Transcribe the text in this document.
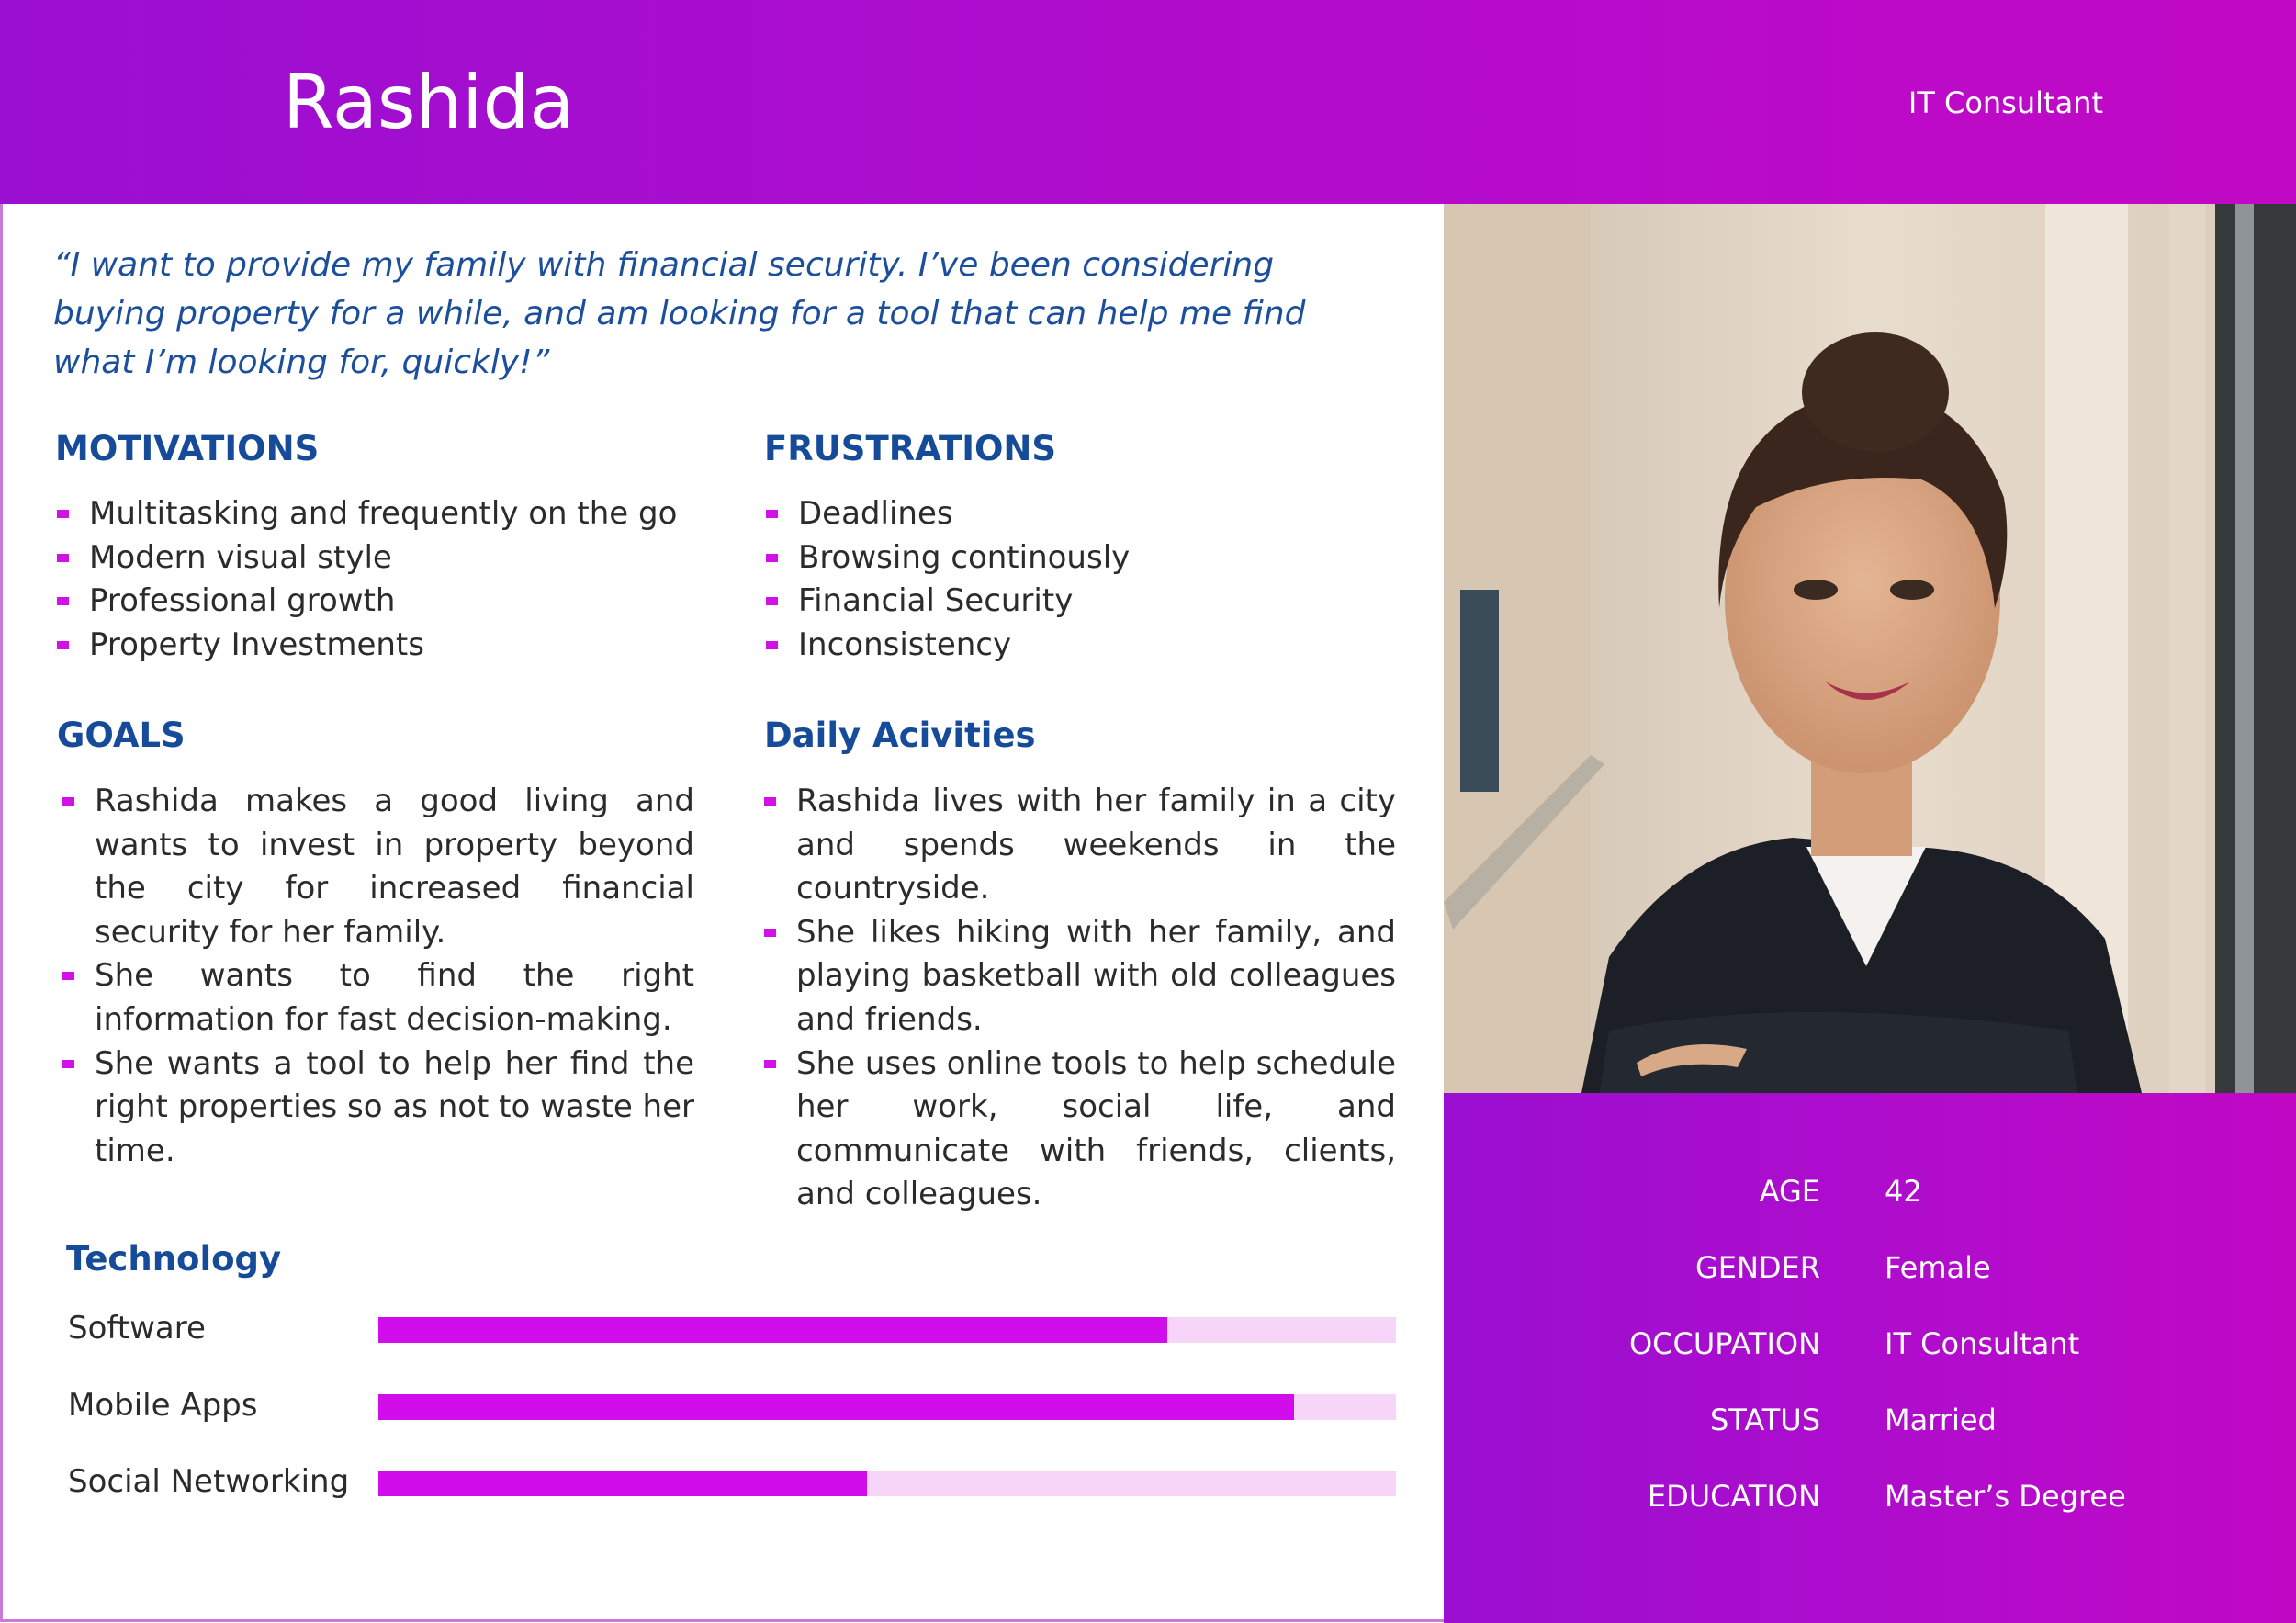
Rashida	IT Consultant

“I want to provide my family with financial security. I’ve been considering buying property for a while, and am looking for a tool that can help me find what I’m looking for, quickly!”

MOTIVATIONS
Multitasking and frequently on the go
Modern visual style
Professional growth
Property Investments
FRUSTRATIONS
Deadlines
Browsing continously
Financial Security
Inconsistency
GOALS
Rashida makes a good living and wants to invest in property beyond the city for increased financial security for her family.
She wants to find the right information for fast decision-making.
She wants a tool to help her find the right properties so as not to waste her time.
Daily Acivities
Rashida lives with her family in a city and spends weekends in the countryside.
She likes hiking with her family, and playing basketball with old colleagues and friends.
She uses online tools to help schedule her work, social life, and communicate with friends, clients, and colleagues.
Technology
Software
Mobile Apps
Social Networking
AGE 42
GENDER Female
OCCUPATION IT Consultant
STATUS Married
EDUCATION Master’s Degree
